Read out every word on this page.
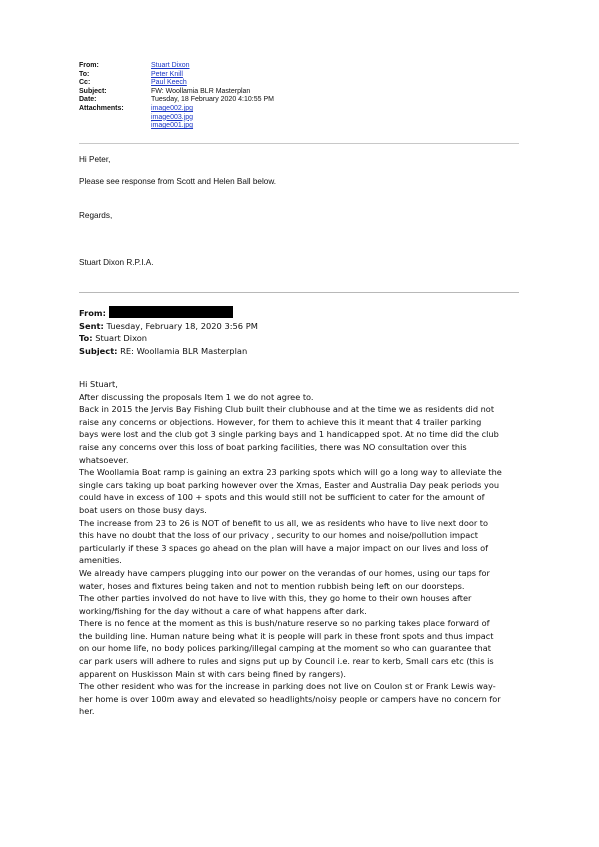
From:	Stuart Dixon
To:	Peter Knill
Cc:	Paul Keech
Subject:	FW: Woollamia BLR Masterplan
Date:	Tuesday, 18 February 2020 4:10:55 PM
Attachments:	image002.jpg
image003.jpg
image001.jpg

Hi Peter,

Please see response from Scott and Helen Ball below.

Regards,

Stuart Dixon R.P.I.A.

From:
Sent: Tuesday, February 18, 2020 3:56 PM
To: Stuart Dixon
Subject: RE: Woollamia BLR Masterplan

Hi Stuart,

After discussing the proposals Item 1 we do not agree to.

Back in 2015 the Jervis Bay Fishing Club built their clubhouse and at the time we as residents did not

raise any concerns or objections. However, for them to achieve this it meant that 4 trailer parking

bays were lost and the club got 3 single parking bays and 1 handicapped spot. At no time did the club

raise any concerns over this loss of boat parking facilities, there was NO consultation over this

whatsoever.

The Woollamia Boat ramp is gaining an extra 23 parking spots which will go a long way to alleviate the

single cars taking up boat parking however over the Xmas, Easter and Australia Day peak periods you

could have in excess of 100 + spots and this would still not be sufficient to cater for the amount of

boat users on those busy days.

The increase from 23 to 26 is NOT of benefit to us all, we as residents who have to live next door to

this have no doubt that the loss of our privacy , security to our homes and noise/pollution impact

particularly if these 3 spaces go ahead on the plan will have a major impact on our lives and loss of

amenities.

We already have campers plugging into our power on the verandas of our homes, using our taps for

water, hoses and fixtures being taken and not to mention rubbish being left on our doorsteps.

The other parties involved do not have to live with this, they go home to their own houses after

working/fishing for the day without a care of what happens after dark.

There is no fence at the moment as this is bush/nature reserve so no parking takes place forward of

the building line. Human nature being what it is people will park in these front spots and thus impact

on our home life, no body polices parking/illegal camping at the moment so who can guarantee that

car park users will adhere to rules and signs put up by Council i.e. rear to kerb, Small cars etc (this is

apparent on Huskisson Main st with cars being fined by rangers).

The other resident who was for the increase in parking does not live on Coulon st or Frank Lewis way-

her home is over 100m away and elevated so headlights/noisy people or campers have no concern for

her.
